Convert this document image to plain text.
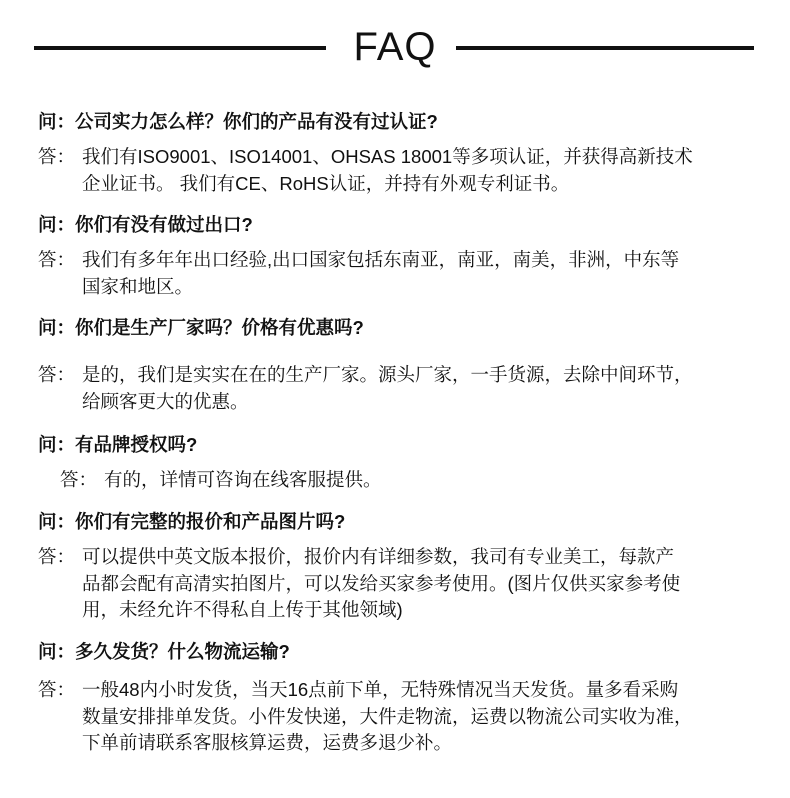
FAQ
问：公司实力怎么样？你们的产品有没有过认证?
答： 我们有ISO9001、ISO14001、OHSAS 18001等多项认证，并获得高新技术
企业证书。 我们有CE、RoHS认证，并持有外观专利证书。
问：你们有没有做过出口?
答： 我们有多年年出口经验,出口国家包括东南亚，南亚，南美，非洲，中东等
国家和地区。
问：你们是生产厂家吗？价格有优惠吗?
答： 是的，我们是实实在在的生产厂家。源头厂家，一手货源，去除中间环节，
给顾客更大的优惠。
问：有品牌授权吗?
答： 有的，详情可咨询在线客服提供。
问：你们有完整的报价和产品图片吗?
答： 可以提供中英文版本报价，报价内有详细参数，我司有专业美工，每款产
品都会配有高清实拍图片，可以发给买家参考使用。(图片仅供买家参考使
用，未经允许不得私自上传于其他领域)
问：多久发货？什么物流运输?
答： 一般48内小时发货，当天16点前下单，无特殊情况当天发货。量多看采购
数量安排排单发货。小件发快递，大件走物流，运费以物流公司实收为准，
下单前请联系客服核算运费，运费多退少补。
